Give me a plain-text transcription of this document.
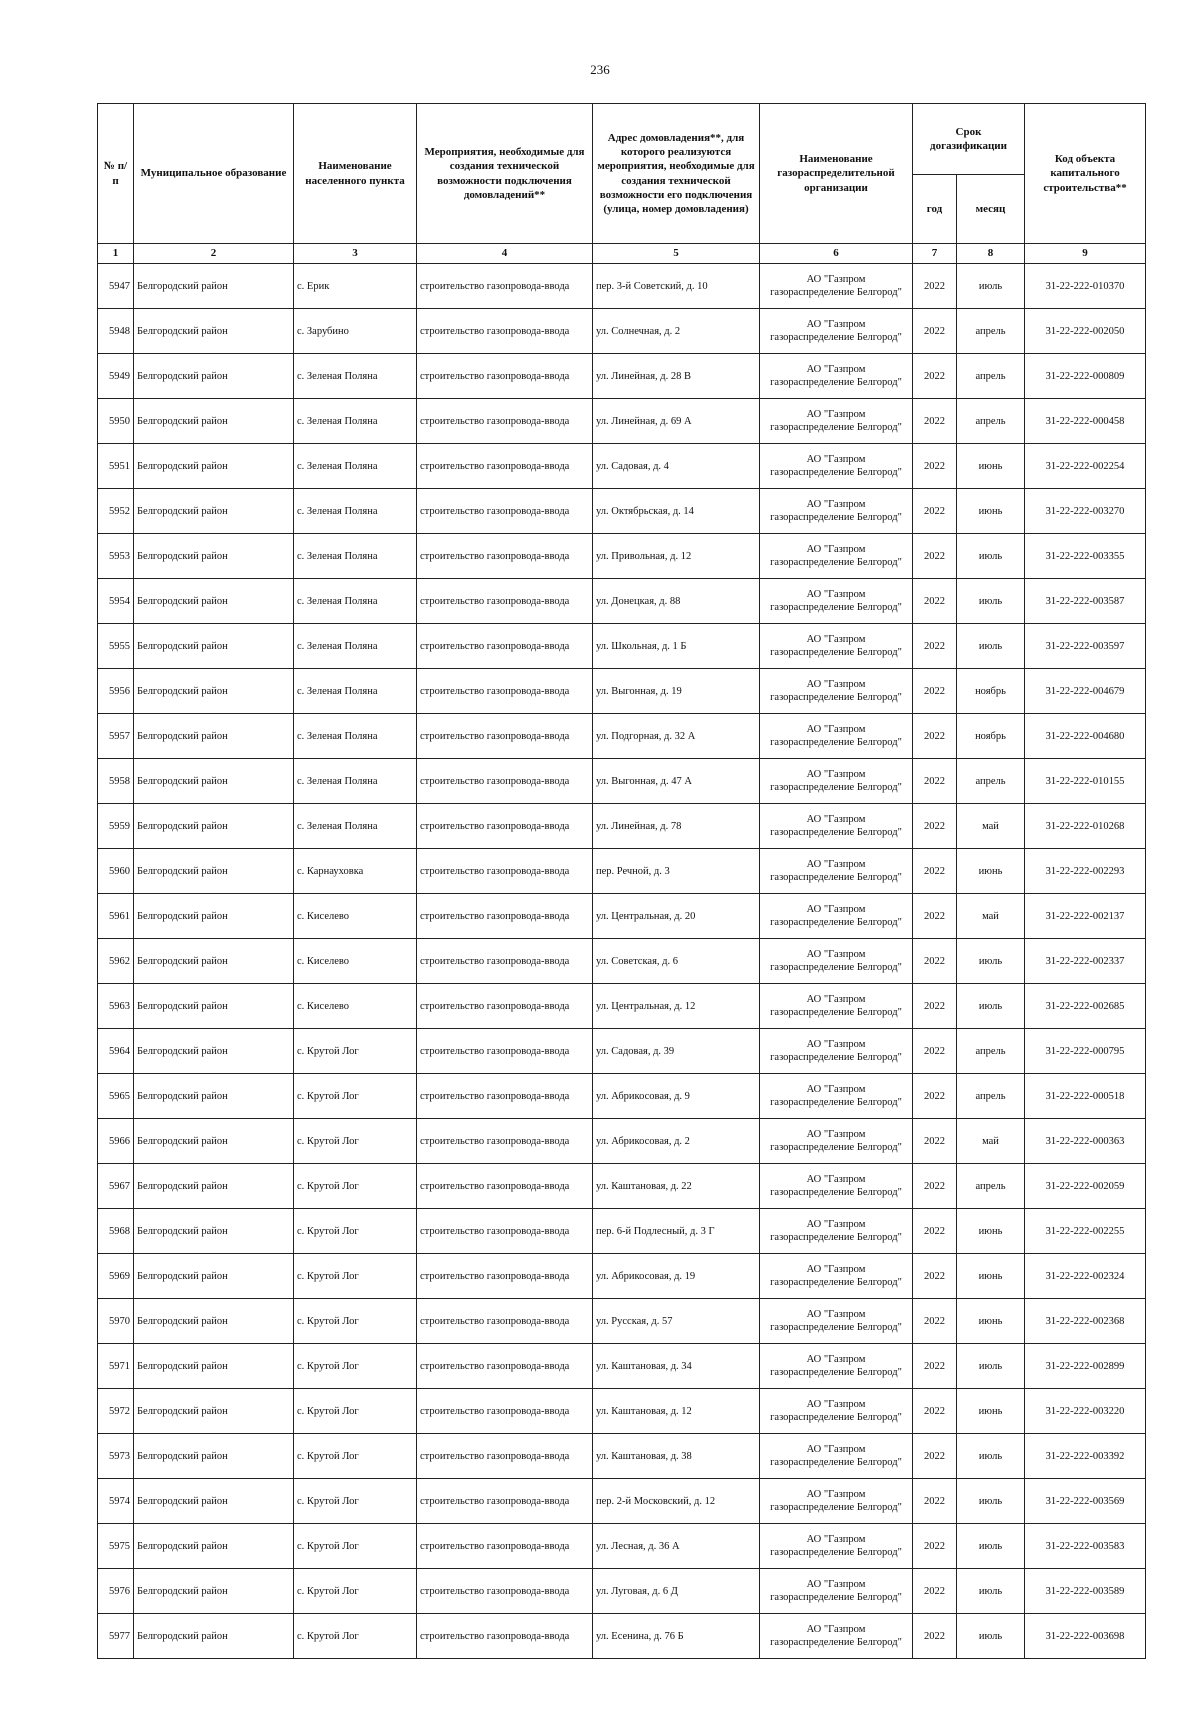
236
№ п/п	Муниципальное образование	Наименование населенного пункта	Мероприятия, необходимые для создания технической возможности подключения домовладений**	Адрес домовладения**, для которого реализуются мероприятия, необходимые для создания технической возможности его подключения (улица, номер домовладения)	Наименование газораспределительной организации	Срок догазификации		Код объекта капитального строительства**
						год	месяц	
1	2	3	4	5	6	7	8	9
5947	Белгородский район	с. Ерик	строительство газопровода-ввода	пер. 3-й Советский, д. 10	АО "Газпром
газораспределение Белгород"	2022	июль	31-22-222-010370
5948	Белгородский район	с. Зарубино	строительство газопровода-ввода	ул. Солнечная, д. 2	АО "Газпром
газораспределение Белгород"	2022	апрель	31-22-222-002050
5949	Белгородский район	с. Зеленая Поляна	строительство газопровода-ввода	ул. Линейная, д. 28 В	АО "Газпром
газораспределение Белгород"	2022	апрель	31-22-222-000809
5950	Белгородский район	с. Зеленая Поляна	строительство газопровода-ввода	ул. Линейная, д. 69 А	АО "Газпром
газораспределение Белгород"	2022	апрель	31-22-222-000458
5951	Белгородский район	с. Зеленая Поляна	строительство газопровода-ввода	ул. Садовая, д. 4	АО "Газпром
газораспределение Белгород"	2022	июнь	31-22-222-002254
5952	Белгородский район	с. Зеленая Поляна	строительство газопровода-ввода	ул. Октябрьская, д. 14	АО "Газпром
газораспределение Белгород"	2022	июнь	31-22-222-003270
5953	Белгородский район	с. Зеленая Поляна	строительство газопровода-ввода	ул. Привольная, д. 12	АО "Газпром
газораспределение Белгород"	2022	июль	31-22-222-003355
5954	Белгородский район	с. Зеленая Поляна	строительство газопровода-ввода	ул. Донецкая, д. 88	АО "Газпром
газораспределение Белгород"	2022	июль	31-22-222-003587
5955	Белгородский район	с. Зеленая Поляна	строительство газопровода-ввода	ул. Школьная, д. 1 Б	АО "Газпром
газораспределение Белгород"	2022	июль	31-22-222-003597
5956	Белгородский район	с. Зеленая Поляна	строительство газопровода-ввода	ул. Выгонная, д. 19	АО "Газпром
газораспределение Белгород"	2022	ноябрь	31-22-222-004679
5957	Белгородский район	с. Зеленая Поляна	строительство газопровода-ввода	ул. Подгорная, д. 32 А	АО "Газпром
газораспределение Белгород"	2022	ноябрь	31-22-222-004680
5958	Белгородский район	с. Зеленая Поляна	строительство газопровода-ввода	ул. Выгонная, д. 47 А	АО "Газпром
газораспределение Белгород"	2022	апрель	31-22-222-010155
5959	Белгородский район	с. Зеленая Поляна	строительство газопровода-ввода	ул. Линейная, д. 78	АО "Газпром
газораспределение Белгород"	2022	май	31-22-222-010268
5960	Белгородский район	с. Карнауховка	строительство газопровода-ввода	пер. Речной, д. 3	АО "Газпром
газораспределение Белгород"	2022	июнь	31-22-222-002293
5961	Белгородский район	с. Киселево	строительство газопровода-ввода	ул. Центральная, д. 20	АО "Газпром
газораспределение Белгород"	2022	май	31-22-222-002137
5962	Белгородский район	с. Киселево	строительство газопровода-ввода	ул. Советская, д. 6	АО "Газпром
газораспределение Белгород"	2022	июль	31-22-222-002337
5963	Белгородский район	с. Киселево	строительство газопровода-ввода	ул. Центральная, д. 12	АО "Газпром
газораспределение Белгород"	2022	июль	31-22-222-002685
5964	Белгородский район	с. Крутой Лог	строительство газопровода-ввода	ул. Садовая, д. 39	АО "Газпром
газораспределение Белгород"	2022	апрель	31-22-222-000795
5965	Белгородский район	с. Крутой Лог	строительство газопровода-ввода	ул. Абрикосовая, д. 9	АО "Газпром
газораспределение Белгород"	2022	апрель	31-22-222-000518
5966	Белгородский район	с. Крутой Лог	строительство газопровода-ввода	ул. Абрикосовая, д. 2	АО "Газпром
газораспределение Белгород"	2022	май	31-22-222-000363
5967	Белгородский район	с. Крутой Лог	строительство газопровода-ввода	ул. Каштановая, д. 22	АО "Газпром
газораспределение Белгород"	2022	апрель	31-22-222-002059
5968	Белгородский район	с. Крутой Лог	строительство газопровода-ввода	пер. 6-й Подлесный, д. 3 Г	АО "Газпром
газораспределение Белгород"	2022	июнь	31-22-222-002255
5969	Белгородский район	с. Крутой Лог	строительство газопровода-ввода	ул. Абрикосовая, д. 19	АО "Газпром
газораспределение Белгород"	2022	июнь	31-22-222-002324
5970	Белгородский район	с. Крутой Лог	строительство газопровода-ввода	ул. Русская, д. 57	АО "Газпром
газораспределение Белгород"	2022	июнь	31-22-222-002368
5971	Белгородский район	с. Крутой Лог	строительство газопровода-ввода	ул. Каштановая, д. 34	АО "Газпром
газораспределение Белгород"	2022	июль	31-22-222-002899
5972	Белгородский район	с. Крутой Лог	строительство газопровода-ввода	ул. Каштановая, д. 12	АО "Газпром
газораспределение Белгород"	2022	июнь	31-22-222-003220
5973	Белгородский район	с. Крутой Лог	строительство газопровода-ввода	ул. Каштановая, д. 38	АО "Газпром
газораспределение Белгород"	2022	июль	31-22-222-003392
5974	Белгородский район	с. Крутой Лог	строительство газопровода-ввода	пер. 2-й Московский, д. 12	АО "Газпром
газораспределение Белгород"	2022	июль	31-22-222-003569
5975	Белгородский район	с. Крутой Лог	строительство газопровода-ввода	ул. Лесная, д. 36 А	АО "Газпром
газораспределение Белгород"	2022	июль	31-22-222-003583
5976	Белгородский район	с. Крутой Лог	строительство газопровода-ввода	ул. Луговая, д. 6 Д	АО "Газпром
газораспределение Белгород"	2022	июль	31-22-222-003589
5977	Белгородский район	с. Крутой Лог	строительство газопровода-ввода	ул. Есенина, д. 76 Б	АО "Газпром
газораспределение Белгород"	2022	июль	31-22-222-003698
